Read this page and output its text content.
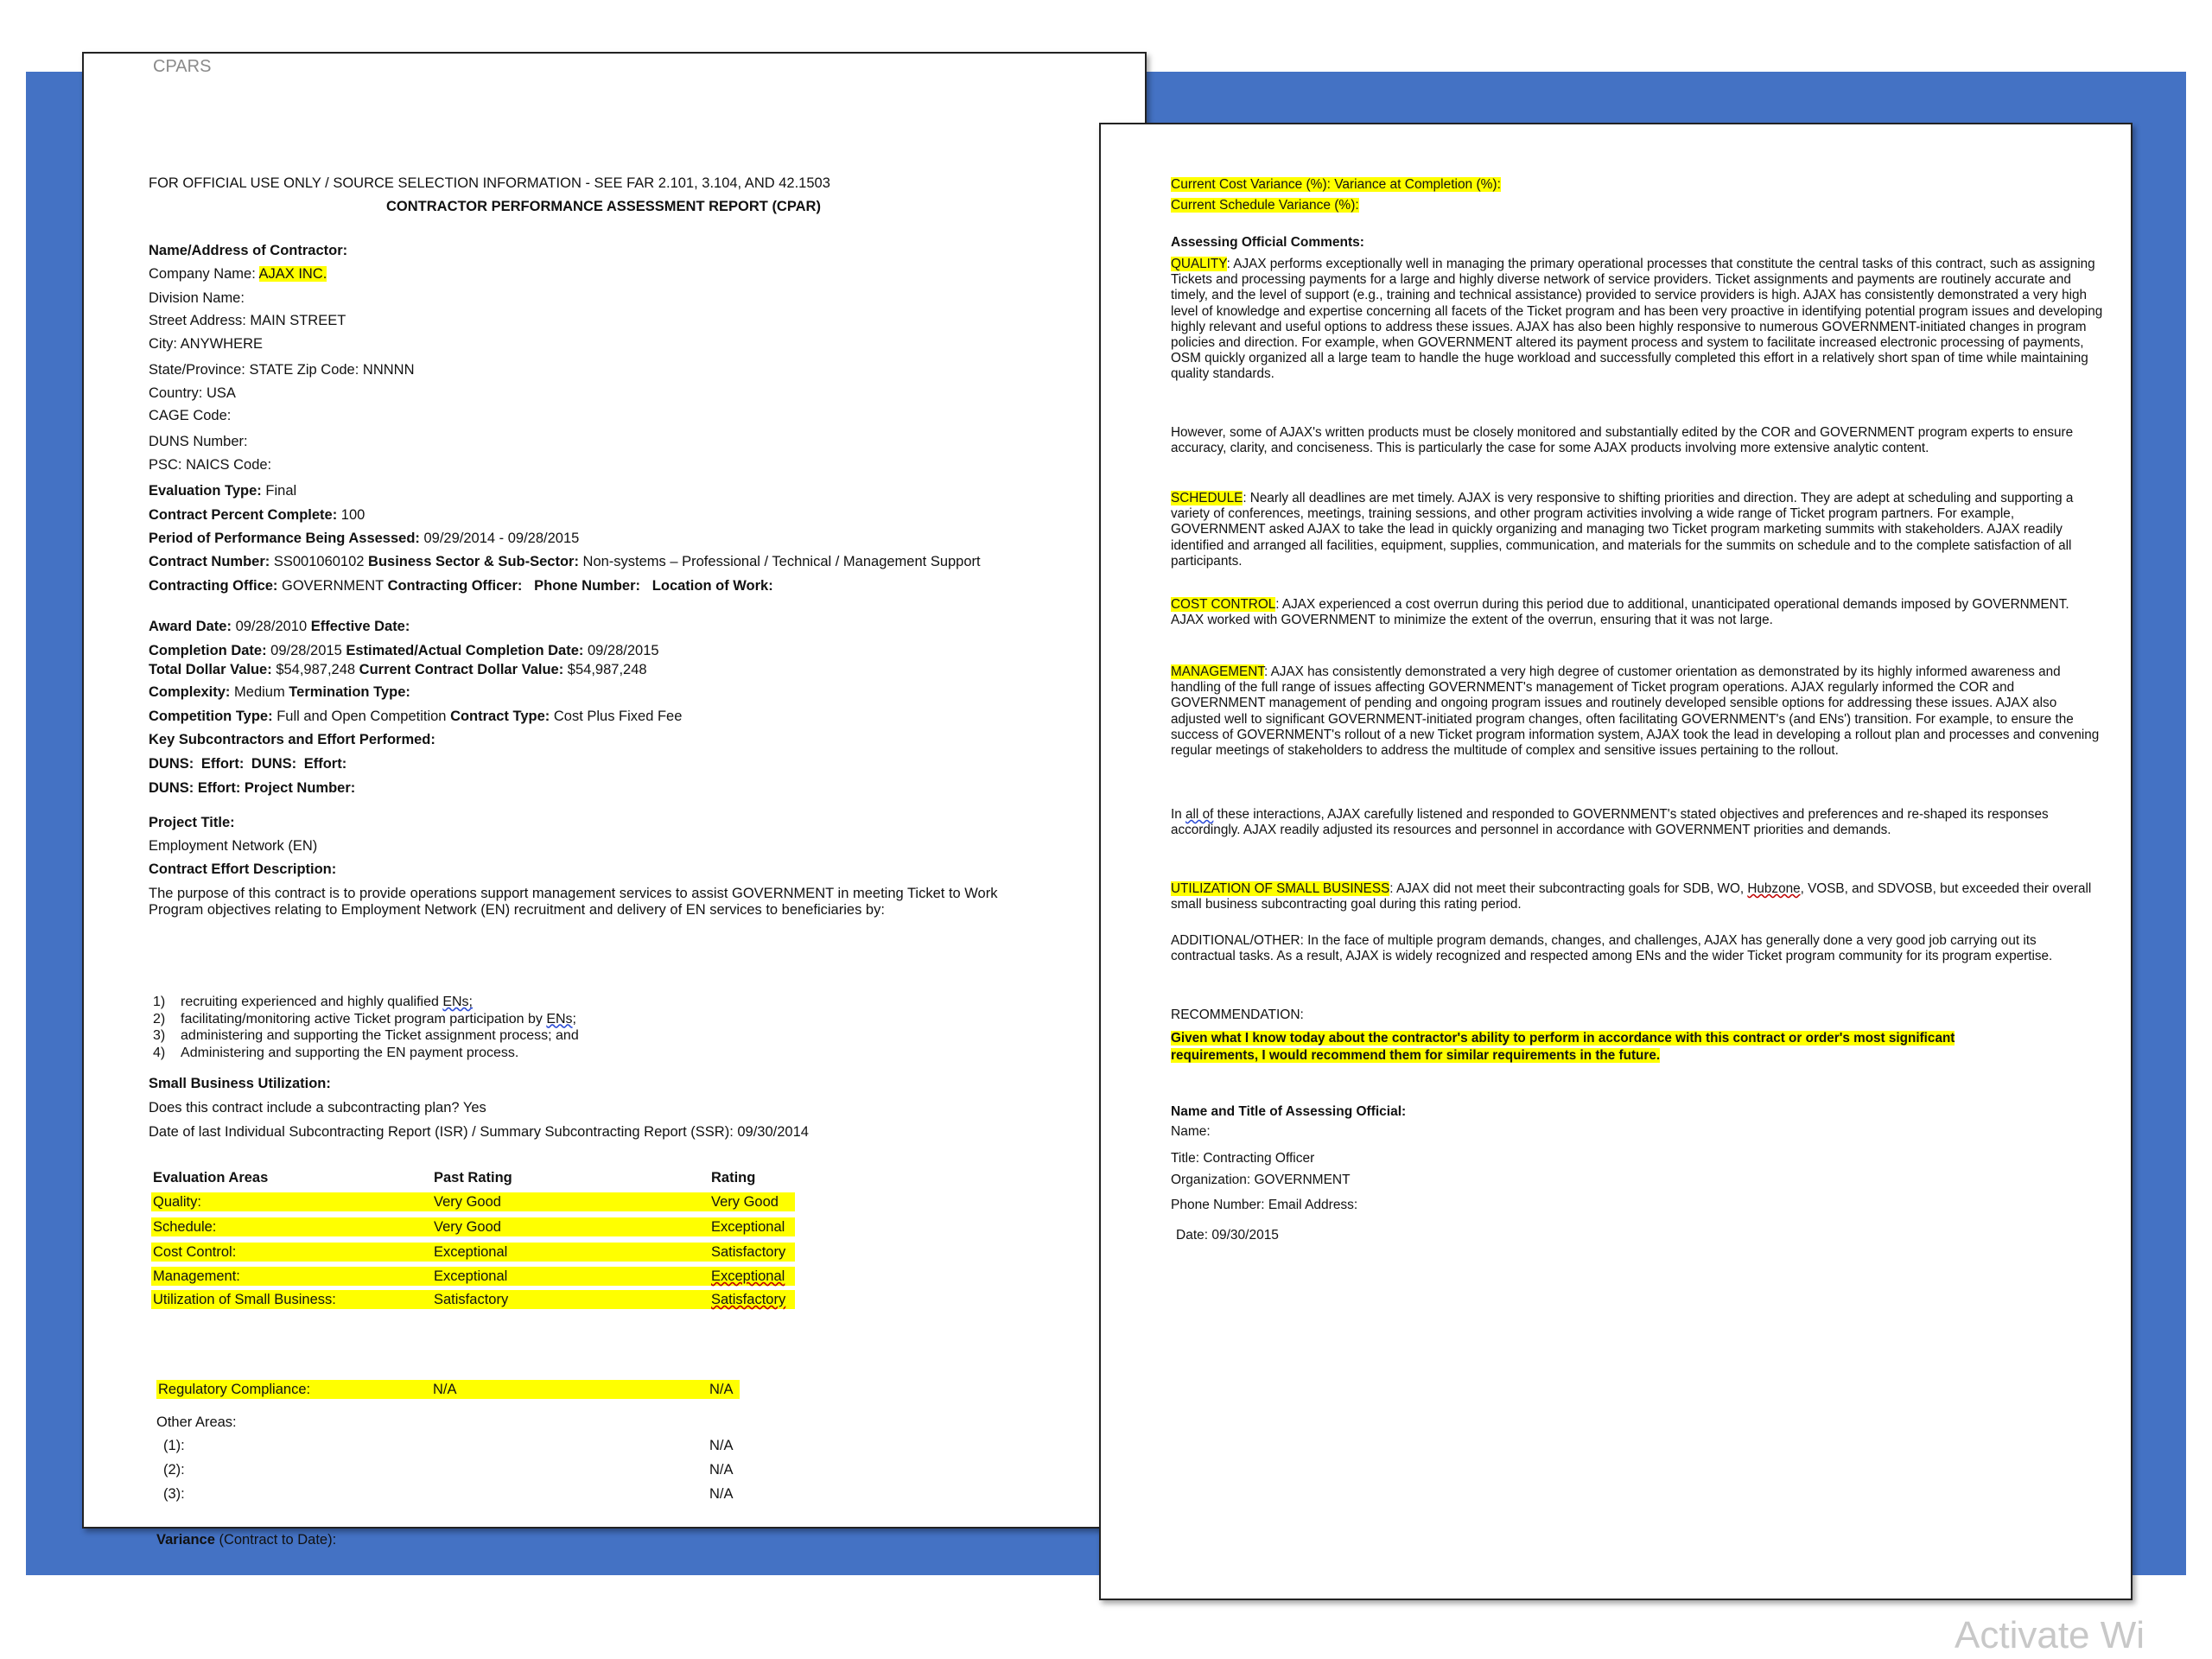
CPARS
FOR OFFICIAL USE ONLY / SOURCE SELECTION INFORMATION - SEE FAR 2.101, 3.104, AND 42.1503
CONTRACTOR PERFORMANCE ASSESSMENT REPORT (CPAR)
Name/Address of Contractor:
Company Name: AJAX INC.
Division Name:
Street Address: MAIN STREET
City: ANYWHERE
State/Province: STATE Zip Code: NNNNN
Country: USA
CAGE Code:
DUNS Number:
PSC: NAICS Code:
Evaluation Type: Final
Contract Percent Complete: 100
Period of Performance Being Assessed: 09/29/2014 - 09/28/2015
Contract Number: SS001060102 Business Sector & Sub-Sector: Non-systems – Professional / Technical / Management Support
Contracting Office: GOVERNMENT Contracting Officer: Phone Number: Location of Work:
Award Date: 09/28/2010 Effective Date:
Completion Date: 09/28/2015 Estimated/Actual Completion Date: 09/28/2015
Total Dollar Value: $54,987,248 Current Contract Dollar Value: $54,987,248
Complexity: Medium Termination Type:
Competition Type: Full and Open Competition Contract Type: Cost Plus Fixed Fee
Key Subcontractors and Effort Performed:
DUNS: Effort: DUNS: Effort:
DUNS: Effort: Project Number:
Project Title:
Employment Network (EN)
Contract Effort Description:
The purpose of this contract is to provide operations support management services to assist GOVERNMENT in meeting Ticket to Work
Program objectives relating to Employment Network (EN) recruitment and delivery of EN services to beneficiaries by:
1) recruiting experienced and highly qualified ENs;
2) facilitating/monitoring active Ticket program participation by ENs;
3) administering and supporting the Ticket assignment process; and
4) Administering and supporting the EN payment process.
Small Business Utilization:
Does this contract include a subcontracting plan? Yes
Date of last Individual Subcontracting Report (ISR) / Summary Subcontracting Report (SSR): 09/30/2014
Evaluation Areas	Past Rating	Rating
Quality:	Very Good	Very Good
Schedule:	Very Good	Exceptional
Cost Control:	Exceptional	Satisfactory
Management:	Exceptional	Exceptional
Utilization of Small Business:	Satisfactory	Satisfactory
Regulatory Compliance:	N/A	N/A
Other Areas:
(1):	N/A
(2):	N/A
(3):	N/A
Variance (Contract to Date):
Current Cost Variance (%): Variance at Completion (%):
Current Schedule Variance (%):
Assessing Official Comments:
QUALITY: AJAX performs exceptionally well in managing the primary operational processes that constitute the central tasks of this contract, such as assigning Tickets and processing payments for a large and highly diverse network of service providers. Ticket assignments and payments are routinely accurate and timely, and the level of support (e.g., training and technical assistance) provided to service providers is high. AJAX has consistently demonstrated a very high level of knowledge and expertise concerning all facets of the Ticket program and has been very proactive in identifying potential program issues and developing highly relevant and useful options to address these issues. AJAX has also been highly responsive to numerous GOVERNMENT-initiated changes in program policies and direction. For example, when GOVERNMENT altered its payment process and system to facilitate increased electronic processing of payments, OSM quickly organized all a large team to handle the huge workload and successfully completed this effort in a relatively short span of time while maintaining quality standards.
However, some of AJAX's written products must be closely monitored and substantially edited by the COR and GOVERNMENT program experts to ensure accuracy, clarity, and conciseness. This is particularly the case for some AJAX products involving more extensive analytic content.
SCHEDULE: Nearly all deadlines are met timely. AJAX is very responsive to shifting priorities and direction. They are adept at scheduling and supporting a variety of conferences, meetings, training sessions, and other program activities involving a wide range of Ticket program partners. For example, GOVERNMENT asked AJAX to take the lead in quickly organizing and managing two Ticket program marketing summits with stakeholders. AJAX readily identified and arranged all facilities, equipment, supplies, communication, and materials for the summits on schedule and to the complete satisfaction of all participants.
COST CONTROL: AJAX experienced a cost overrun during this period due to additional, unanticipated operational demands imposed by GOVERNMENT. AJAX worked with GOVERNMENT to minimize the extent of the overrun, ensuring that it was not large.
MANAGEMENT: AJAX has consistently demonstrated a very high degree of customer orientation as demonstrated by its highly informed awareness and handling of the full range of issues affecting GOVERNMENT's management of Ticket program operations. AJAX regularly informed the COR and GOVERNMENT management of pending and ongoing program issues and routinely developed sensible options for addressing these issues. AJAX also adjusted well to significant GOVERNMENT-initiated program changes, often facilitating GOVERNMENT's (and ENs') transition. For example, to ensure the success of GOVERNMENT's rollout of a new Ticket program information system, AJAX took the lead in developing a rollout plan and processes and convening regular meetings of stakeholders to address the multitude of complex and sensitive issues pertaining to the rollout.
In all of these interactions, AJAX carefully listened and responded to GOVERNMENT's stated objectives and preferences and re-shaped its responses accordingly. AJAX readily adjusted its resources and personnel in accordance with GOVERNMENT priorities and demands.
UTILIZATION OF SMALL BUSINESS: AJAX did not meet their subcontracting goals for SDB, WO, Hubzone, VOSB, and SDVOSB, but exceeded their overall small business subcontracting goal during this rating period.
ADDITIONAL/OTHER: In the face of multiple program demands, changes, and challenges, AJAX has generally done a very good job carrying out its contractual tasks. As a result, AJAX is widely recognized and respected among ENs and the wider Ticket program community for its program expertise.
RECOMMENDATION:
Given what I know today about the contractor's ability to perform in accordance with this contract or order's most significant
requirements, I would recommend them for similar requirements in the future.
Name and Title of Assessing Official:
Name:
Title: Contracting Officer
Organization: GOVERNMENT
Phone Number: Email Address:
Date: 09/30/2015
Activate Wi
